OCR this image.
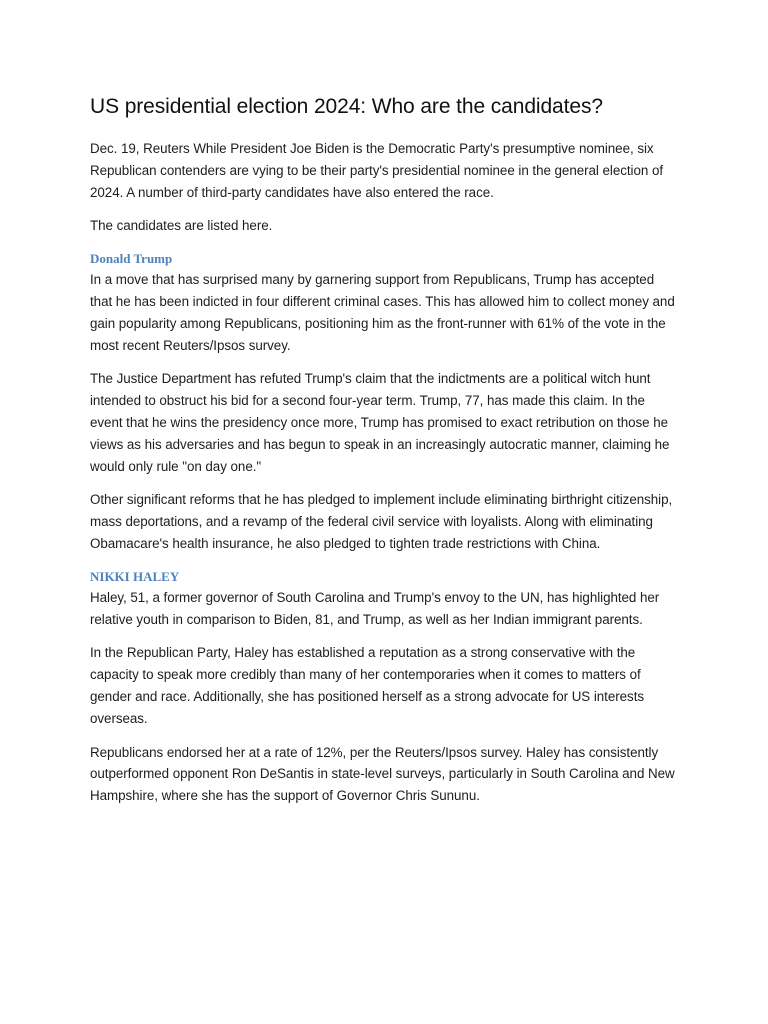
US presidential election 2024: Who are the candidates?

Dec. 19, Reuters While President Joe Biden is the Democratic Party's presumptive nominee, six Republican contenders are vying to be their party's presidential nominee in the general election of 2024. A number of third-party candidates have also entered the race.

The candidates are listed here.

Donald Trump

In a move that has surprised many by garnering support from Republicans, Trump has accepted that he has been indicted in four different criminal cases. This has allowed him to collect money and gain popularity among Republicans, positioning him as the front-runner with 61% of the vote in the most recent Reuters/Ipsos survey.

The Justice Department has refuted Trump's claim that the indictments are a political witch hunt intended to obstruct his bid for a second four-year term. Trump, 77, has made this claim. In the event that he wins the presidency once more, Trump has promised to exact retribution on those he views as his adversaries and has begun to speak in an increasingly autocratic manner, claiming he would only rule "on day one."

Other significant reforms that he has pledged to implement include eliminating birthright citizenship, mass deportations, and a revamp of the federal civil service with loyalists. Along with eliminating Obamacare's health insurance, he also pledged to tighten trade restrictions with China.

NIKKI HALEY

Haley, 51, a former governor of South Carolina and Trump's envoy to the UN, has highlighted her relative youth in comparison to Biden, 81, and Trump, as well as her Indian immigrant parents.

In the Republican Party, Haley has established a reputation as a strong conservative with the capacity to speak more credibly than many of her contemporaries when it comes to matters of gender and race. Additionally, she has positioned herself as a strong advocate for US interests overseas.

Republicans endorsed her at a rate of 12%, per the Reuters/Ipsos survey. Haley has consistently outperformed opponent Ron DeSantis in state-level surveys, particularly in South Carolina and New Hampshire, where she has the support of Governor Chris Sununu.
